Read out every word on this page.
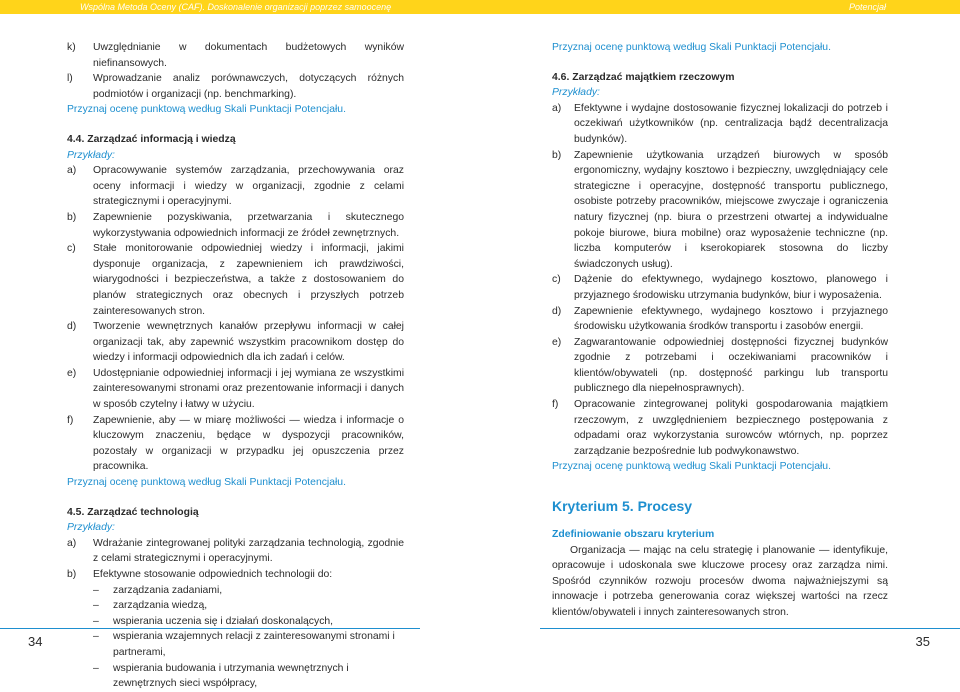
Wspólna Metoda Oceny (CAF). Doskonalenie organizacji poprzez samoocenę	Potencjał
k)	Uwzględnianie w dokumentach budżetowych wyników niefinansowych.
l)	Wprowadzanie analiz porównawczych, dotyczących różnych podmiotów i organizacji (np. benchmarking).
Przyznaj ocenę punktową według Skali Punktacji Potencjału.
4.4. Zarządzać informacją i wiedzą
Przykłady:
a)	Opracowywanie systemów zarządzania, przechowywania oraz oceny informacji i wiedzy w organizacji, zgodnie z celami strategicznymi i operacyjnymi.
b)	Zapewnienie pozyskiwania, przetwarzania i skutecznego wykorzystywania odpowiednich informacji ze źródeł zewnętrznych.
c)	Stałe monitorowanie odpowiedniej wiedzy i informacji, jakimi dysponuje organizacja, z zapewnieniem ich prawdziwości, wiarygodności i bezpieczeństwa, a także z dostosowaniem do planów strategicznych oraz obecnych i przyszłych potrzeb zainteresowanych stron.
d)	Tworzenie wewnętrznych kanałów przepływu informacji w całej organizacji tak, aby zapewnić wszystkim pracownikom dostęp do wiedzy i informacji odpowiednich dla ich zadań i celów.
e)	Udostępnianie odpowiedniej informacji i jej wymiana ze wszystkimi zainteresowanymi stronami oraz prezentowanie informacji i danych w sposób czytelny i łatwy w użyciu.
f)	Zapewnienie, aby — w miarę możliwości — wiedza i informacje o kluczowym znaczeniu, będące w dyspozycji pracowników, pozostały w organizacji w przypadku jej opuszczenia przez pracownika.
Przyznaj ocenę punktową według Skali Punktacji Potencjału.
4.5. Zarządzać technologią
Przykłady:
a)	Wdrażanie zintegrowanej polityki zarządzania technologią, zgodnie z celami strategicznymi i operacyjnymi.
b)	Efektywne stosowanie odpowiednich technologii do:
–	zarządzania zadaniami,
–	zarządzania wiedzą,
–	wspierania uczenia się i działań doskonalących,
–	wspierania wzajemnych relacji z zainteresowanymi stronami i partnerami,
–	wspierania budowania i utrzymania wewnętrznych i zewnętrznych sieci współpracy,
Przyznaj ocenę punktową według Skali Punktacji Potencjału.
4.6. Zarządzać majątkiem rzeczowym
Przykłady:
a)	Efektywne i wydajne dostosowanie fizycznej lokalizacji do potrzeb i oczekiwań użytkowników (np. centralizacja bądź decentralizacja budynków).
b)	Zapewnienie użytkowania urządzeń biurowych w sposób ergonomiczny, wydajny kosztowo i bezpieczny, uwzględniający cele strategiczne i operacyjne, dostępność transportu publicznego, osobiste potrzeby pracowników, miejscowe zwyczaje i ograniczenia natury fizycznej (np. biura o przestrzeni otwartej a indywidualne pokoje biurowe, biura mobilne) oraz wyposażenie techniczne (np. liczba komputerów i kserokopiarek stosowna do liczby świadczonych usług).
c)	Dążenie do efektywnego, wydajnego kosztowo, planowego i przyjaznego środowisku utrzymania budynków, biur i wyposażenia.
d)	Zapewnienie efektywnego, wydajnego kosztowo i przyjaznego środowisku użytkowania środków transportu i zasobów energii.
e)	Zagwarantowanie odpowiedniej dostępności fizycznej budynków zgodnie z potrzebami i oczekiwaniami pracowników i klientów/obywateli (np. dostępność parkingu lub transportu publicznego dla niepełnosprawnych).
f)	Opracowanie zintegrowanej polityki gospodarowania majątkiem rzeczowym, z uwzględnieniem bezpiecznego postępowania z odpadami oraz wykorzystania surowców wtórnych, np. poprzez zarządzanie bezpośrednie lub podwykonawstwo.
Przyznaj ocenę punktową według Skali Punktacji Potencjału.
Kryterium 5. Procesy
Zdefiniowanie obszaru kryterium
Organizacja — mając na celu strategię i planowanie — identyfikuje, opracowuje i udoskonala swe kluczowe procesy oraz zarządza nimi. Spośród czynników rozwoju procesów dwoma najważniejszymi są innowacje i potrzeba generowania coraz większej wartości na rzecz klientów/obywateli i innych zainteresowanych stron.
34	35
